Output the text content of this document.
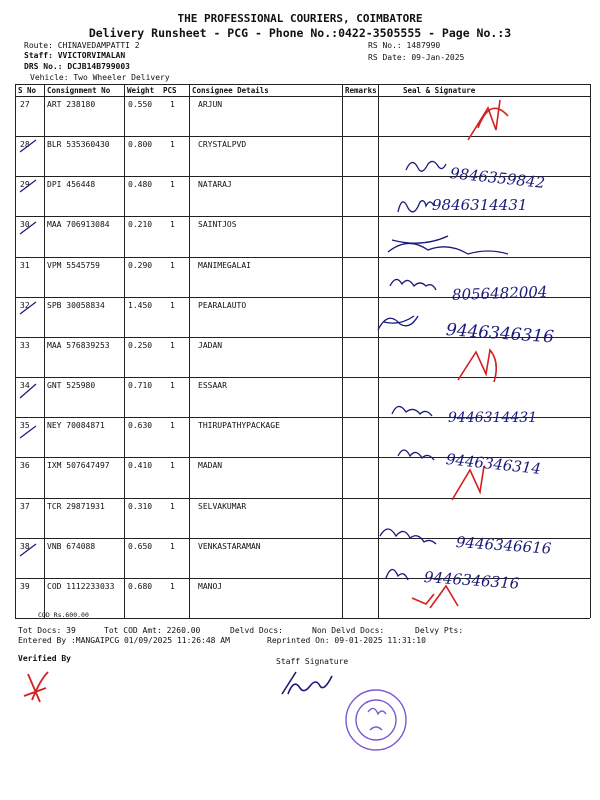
THE PROFESSIONAL COURIERS, COIMBATORE
Delivery Runsheet - PCG - Phone No.:0422-3505555 - Page No.:3
Route: CHINAVEDAMPATTI 2
Staff: VVICTORVIMALAN
DRS No.: DCJB14B799003
Vehicle: Two Wheeler Delivery
RS No.: 1487990
RS Date: 09-Jan-2025
S No Consignment No Weight PCS Consignee Details	Remarks	Seal & Signature
27 ART 238180	0.550 1	ARJUN
28 BLR 535360430 0.800 1	CRYSTALPVD
29 DPI 456448	0.480 1	NATARAJ
30 MAA 706913084 0.210 1	SAINTJOS
31 VPM 5545759	0.290 1	MANIMEGALAI
32 SPB 30058834	1.450 1	PEARALAUTO
33 MAA 576839253 0.250 1	JADAN
34 GNT 525980	0.710 1	ESSAAR
35 NEY 70084871	0.630 1	THIRUPATHYPACKAGE
36 IXM 507647497 0.410 1	MADAN
37 TCR 29871931	0.310 1	SELVAKUMAR
38 VNB 674088	0.650 1	VENKASTARAMAN
39 COD 1112233033 0.680 1	MANOJ
COD Rs.600.00
Tot Docs: 39	Tot COD Amt: 2260.00	Delvd Docs:	Non Delvd Docs:	Delvy Pts:
Entered By :MANGAIPCG 01/09/2025 11:26:48 AM	Reprinted On: 09-01-2025 11:31:10
Verified By	Staff Signature
9846359842
9846314431
8056482004
9446346316
9446314431
9446346314
9446346616
9446346316
